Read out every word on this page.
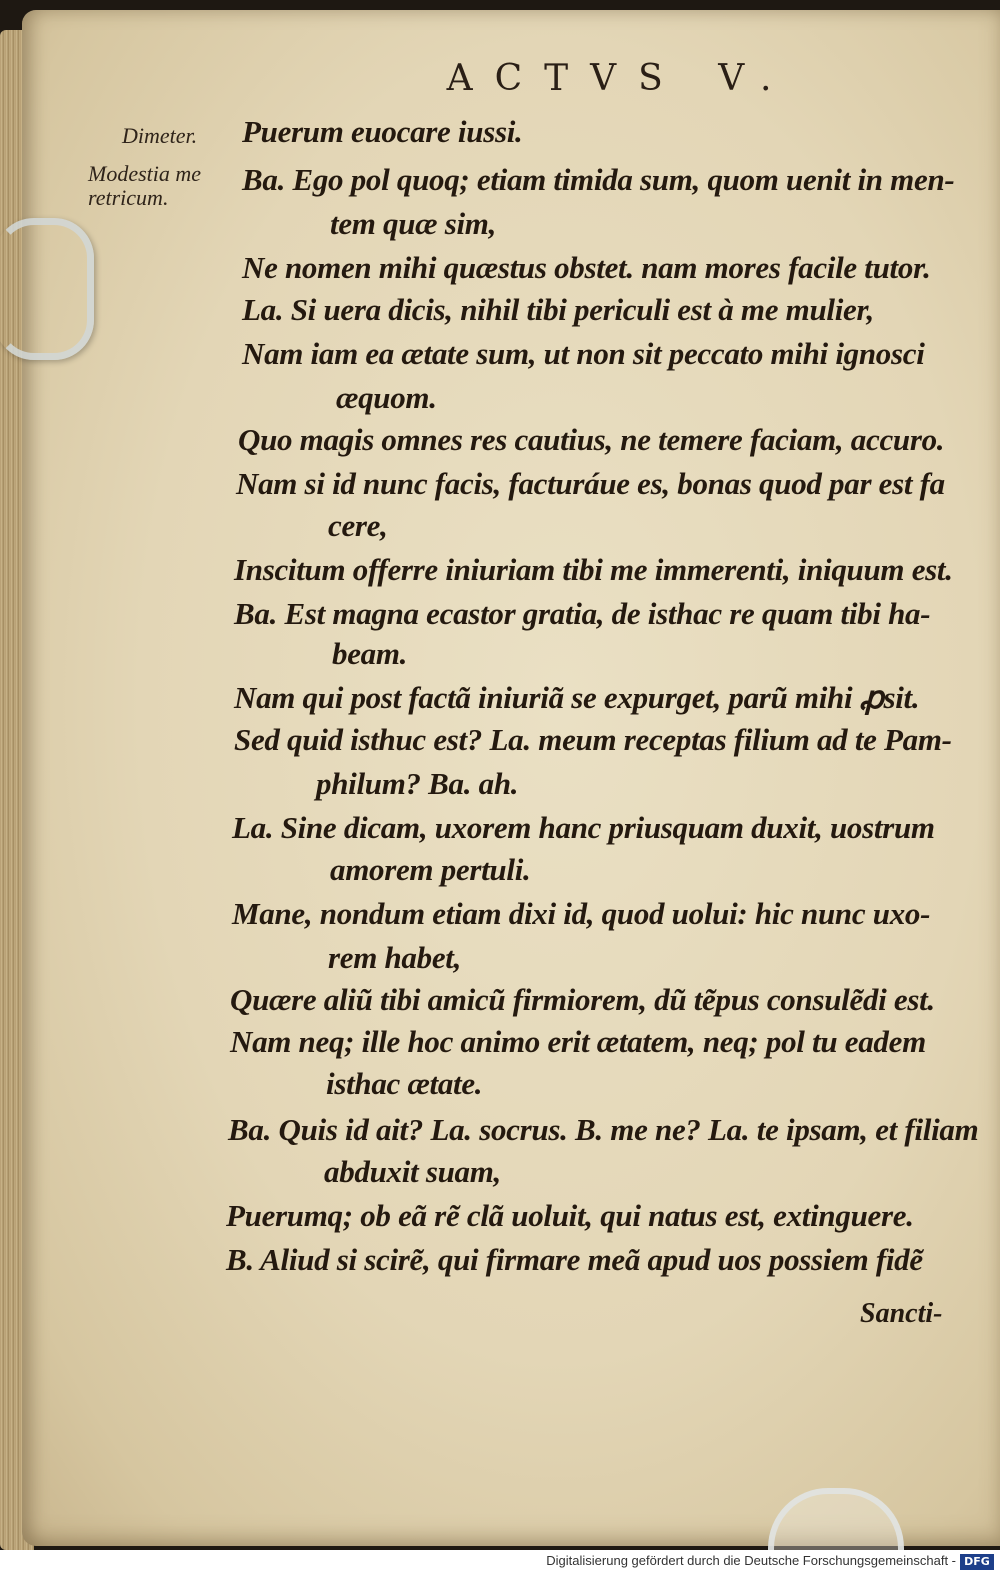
ACTVS V.
Dimeter.
Modestia me
retricum.
Puerum euocare iussi.
Ba. Ego pol quoq; etiam timida sum, quom uenit in men-
tem quæ sim,
Ne nomen mihi quæstus obstet. nam mores facile tutor.
La. Si uera dicis, nihil tibi periculi est à me mulier,
Nam iam ea ætate sum, ut non sit peccato mihi ignosci
æquom.
Quo magis omnes res cautius, ne temere faciam, accuro.
Nam si id nunc facis, facturáue es, bonas quod par est fa
cere,
Inscitum offerre iniuriam tibi me immerenti, iniquum est.
Ba. Est magna ecastor gratia, de isthac re quam tibi ha-
beam.
Nam qui post factã iniuriã se expurget, parũ mihi ꝓsit.
Sed quid isthuc est? La. meum receptas filium ad te Pam-
philum? Ba. ah.
La. Sine dicam, uxorem hanc priusquam duxit, uostrum
amorem pertuli.
Mane, nondum etiam dixi id, quod uolui: hic nunc uxo-
rem habet,
Quære aliũ tibi amicũ firmiorem, dũ tẽpus consulẽdi est.
Nam neq; ille hoc animo erit ætatem, neq; pol tu eadem
isthac ætate.
Ba. Quis id ait? La. socrus. B. me ne? La. te ipsam, et filiam
abduxit suam,
Puerumq; ob eã rẽ clã uoluit, qui natus est, extinguere.
B. Aliud si scirẽ, qui firmare meã apud uos possiem fidẽ
Sancti-
Digitalisierung gefördert durch die Deutsche Forschungsgemeinschaft - DFG
